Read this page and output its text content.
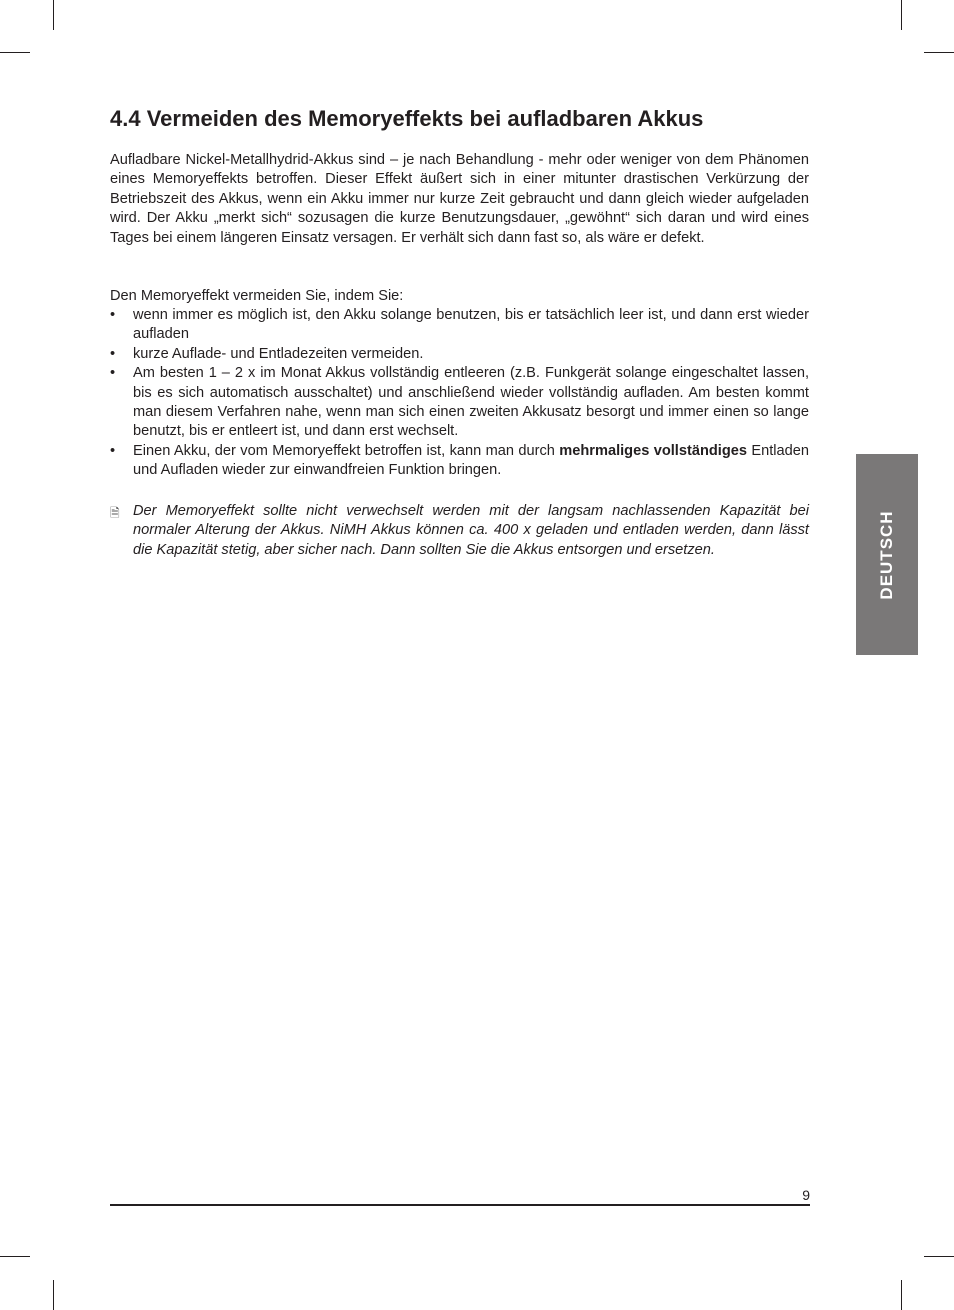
4.4 Vermeiden des Memoryeffekts bei aufladbaren Akkus

Aufladbare Nickel-Metallhydrid-Akkus sind – je nach Behandlung - mehr oder weniger von dem Phänomen eines Memoryeffekts betroffen. Dieser Effekt äußert sich in einer mitunter drastischen Verkürzung der Betriebszeit des Akkus, wenn ein Akku immer nur kurze Zeit gebraucht und dann gleich wieder aufgeladen wird. Der Akku „merkt sich“ sozusagen die kurze Benutzungsdauer, „gewöhnt“ sich daran und wird eines Tages bei einem längeren Einsatz versagen. Er verhält sich dann fast so, als wäre er defekt.

Den Memoryeffekt vermeiden Sie, indem Sie:

• wenn immer es möglich ist, den Akku solange benutzen, bis er tatsächlich leer ist, und dann erst wieder aufladen
• kurze Auflade- und Entladezeiten vermeiden.
• Am besten 1 – 2 x im Monat Akkus vollständig entleeren (z.B. Funkgerät solange eingeschaltet lassen, bis es sich automatisch ausschaltet) und anschließend wieder vollständig aufladen. Am besten kommt man diesem Verfahren nahe, wenn man sich einen zweiten Akkusatz besorgt und immer einen so lange benutzt, bis er entleert ist, und dann erst wechselt.
• Einen Akku, der vom Memoryeffekt betroffen ist, kann man durch mehrmaliges vollständiges Entladen und Aufladen wieder zur einwandfreien Funktion bringen.
🗎 Der Memoryeffekt sollte nicht verwechselt werden mit der langsam nachlassenden Kapazität bei normaler Alterung der Akkus. NiMH Akkus können ca. 400 x geladen und entladen werden, dann lässt die Kapazität stetig, aber sicher nach. Dann sollten Sie die Akkus entsorgen und ersetzen.	DEUTSCH
9
